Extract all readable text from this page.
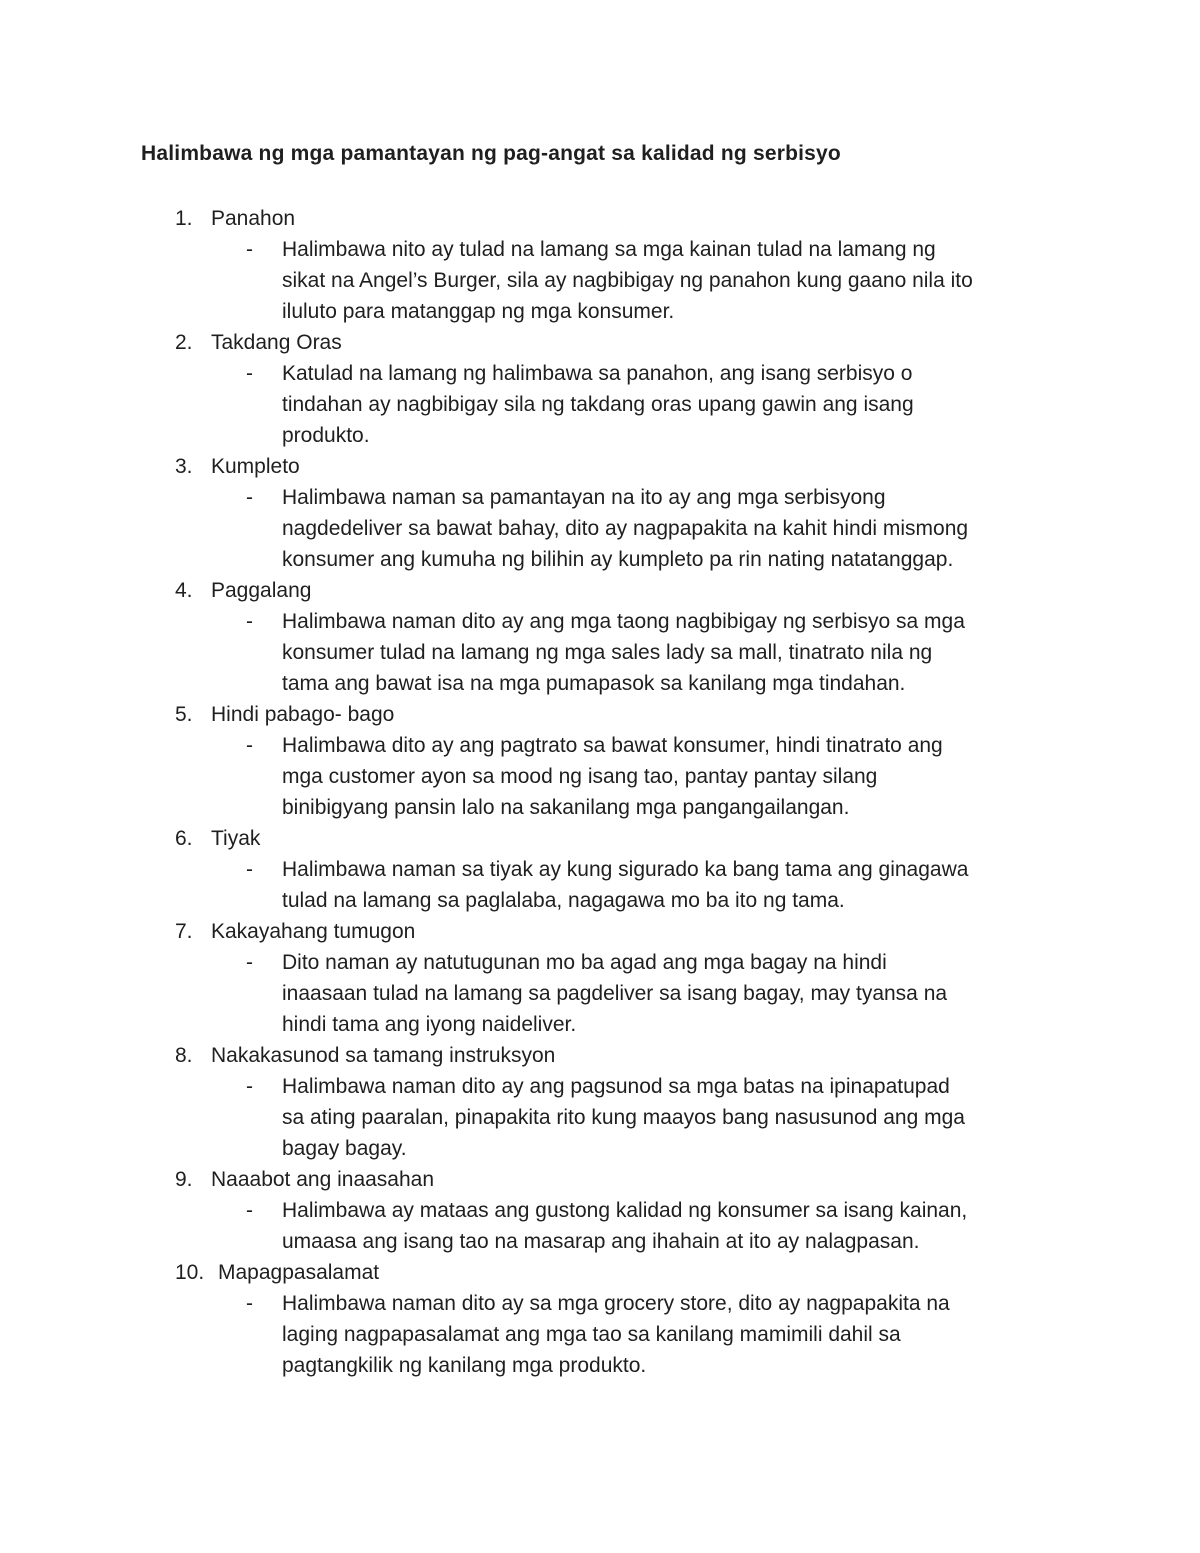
Halimbawa ng mga pamantayan ng pag-angat sa kalidad ng serbisyo
1. Panahon
- Halimbawa nito ay tulad na lamang sa mga kainan tulad na lamang ng
sikat na Angel’s Burger, sila ay nagbibigay ng panahon kung gaano nila ito
iluluto para matanggap ng mga konsumer.
2. Takdang Oras
- Katulad na lamang ng halimbawa sa panahon, ang isang serbisyo o
tindahan ay nagbibigay sila ng takdang oras upang gawin ang isang
produkto.
3. Kumpleto
- Halimbawa naman sa pamantayan na ito ay ang mga serbisyong
nagdedeliver sa bawat bahay, dito ay nagpapakita na kahit hindi mismong
konsumer ang kumuha ng bilihin ay kumpleto pa rin nating natatanggap.
4. Paggalang
- Halimbawa naman dito ay ang mga taong nagbibigay ng serbisyo sa mga
konsumer tulad na lamang ng mga sales lady sa mall, tinatrato nila ng
tama ang bawat isa na mga pumapasok sa kanilang mga tindahan.
5. Hindi pabago- bago
- Halimbawa dito ay ang pagtrato sa bawat konsumer, hindi tinatrato ang
mga customer ayon sa mood ng isang tao, pantay pantay silang
binibigyang pansin lalo na sakanilang mga pangangailangan.
6. Tiyak
- Halimbawa naman sa tiyak ay kung sigurado ka bang tama ang ginagawa
tulad na lamang sa paglalaba, nagagawa mo ba ito ng tama.
7. Kakayahang tumugon
- Dito naman ay natutugunan mo ba agad ang mga bagay na hindi
inaasaan tulad na lamang sa pagdeliver sa isang bagay, may tyansa na
hindi tama ang iyong naideliver.
8. Nakakasunod sa tamang instruksyon
- Halimbawa naman dito ay ang pagsunod sa mga batas na ipinapatupad
sa ating paaralan, pinapakita rito kung maayos bang nasusunod ang mga
bagay bagay.
9. Naaabot ang inaasahan
- Halimbawa ay mataas ang gustong kalidad ng konsumer sa isang kainan,
umaasa ang isang tao na masarap ang ihahain at ito ay nalagpasan.
10. Mapagpasalamat
- Halimbawa naman dito ay sa mga grocery store, dito ay nagpapakita na
laging nagpapasalamat ang mga tao sa kanilang mamimili dahil sa
pagtangkilik ng kanilang mga produkto.
